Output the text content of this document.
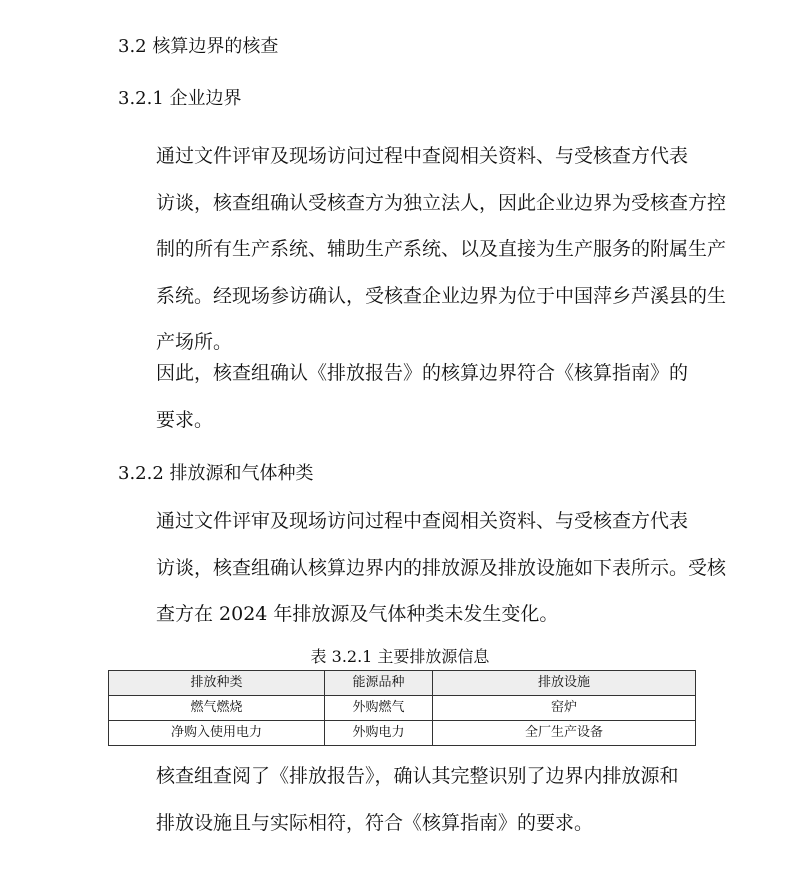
3.2 核算边界的核查
3.2.1 企业边界

通过文件评审及现场访问过程中查阅相关资料、与受核查方代表
访谈，核查组确认受核查方为独立法人，因此企业边界为受核查方控
制的所有生产系统、辅助生产系统、以及直接为生产服务的附属生产
系统。经现场参访确认，受核查企业边界为位于中国萍乡芦溪县的生
产场所。

因此，核查组确认《排放报告》的核算边界符合《核算指南》的
要求。

3.2.2 排放源和气体种类

通过文件评审及现场访问过程中查阅相关资料、与受核查方代表
访谈，核查组确认核算边界内的排放源及排放设施如下表所示。受核
查方在 2024 年排放源及气体种类未发生变化。

表 3.2.1 主要排放源信息

排放种类	能源品种	排放设施
燃气燃烧	外购燃气	窑炉
净购入使用电力	外购电力	全厂生产设备

核查组查阅了《排放报告》，确认其完整识别了边界内排放源和
排放设施且与实际相符，符合《核算指南》的要求。
